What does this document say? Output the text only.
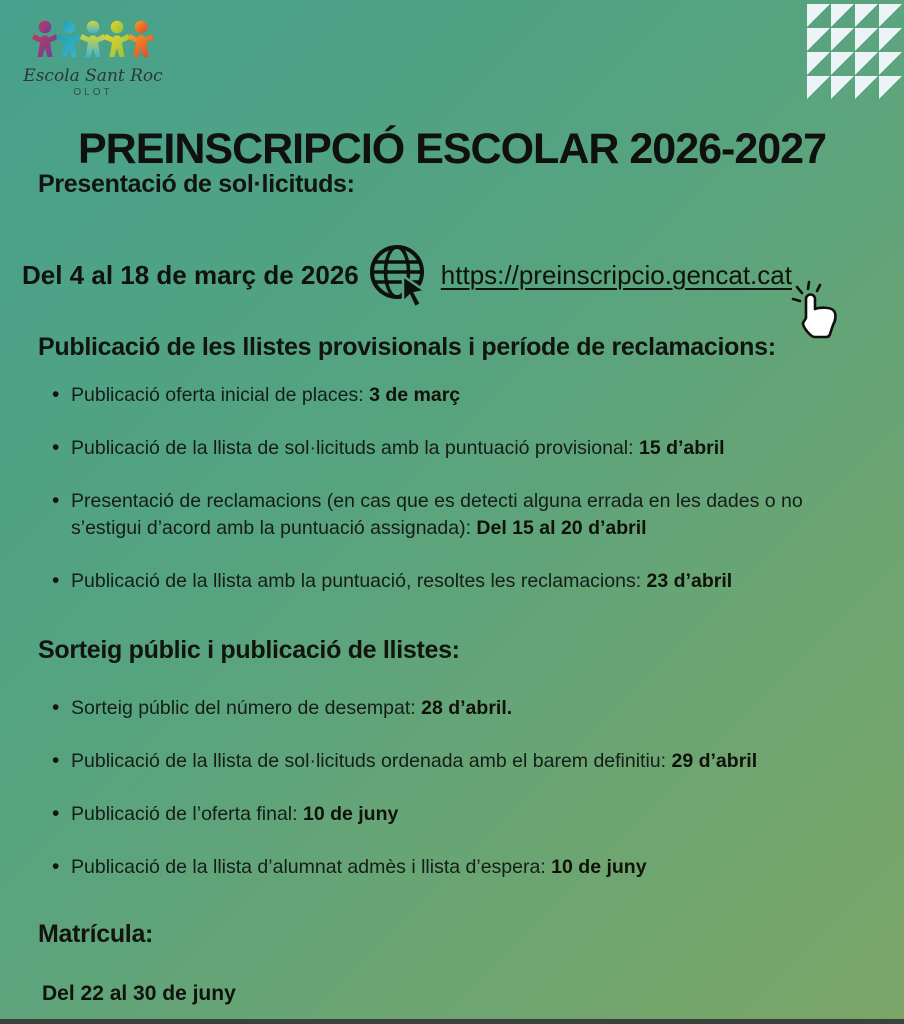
Escola Sant Roc
OLOT
PREINSCRIPCIÓ ESCOLAR 2026-2027
Presentació de sol·licituds:
Del 4 al 18 de març de 2026	https://preinscripcio.gencat.cat
Publicació de les llistes provisionals i període de reclamacions:
• Publicació oferta inicial de places: 3 de març
• Publicació de la llista de sol·licituds amb la puntuació provisional: 15 d’abril
• Presentació de reclamacions (en cas que es detecti alguna errada en les dades o no s’estigui d’acord amb la puntuació assignada): Del 15 al 20 d’abril
• Publicació de la llista amb la puntuació, resoltes les reclamacions: 23 d’abril
Sorteig públic i publicació de llistes:
• Sorteig públic del número de desempat: 28 d’abril.
• Publicació de la llista de sol·licituds ordenada amb el barem definitiu: 29 d’abril
• Publicació de l’oferta final: 10 de juny
• Publicació de la llista d’alumnat admès i llista d’espera: 10 de juny
Matrícula:
Del 22 al 30 de juny
